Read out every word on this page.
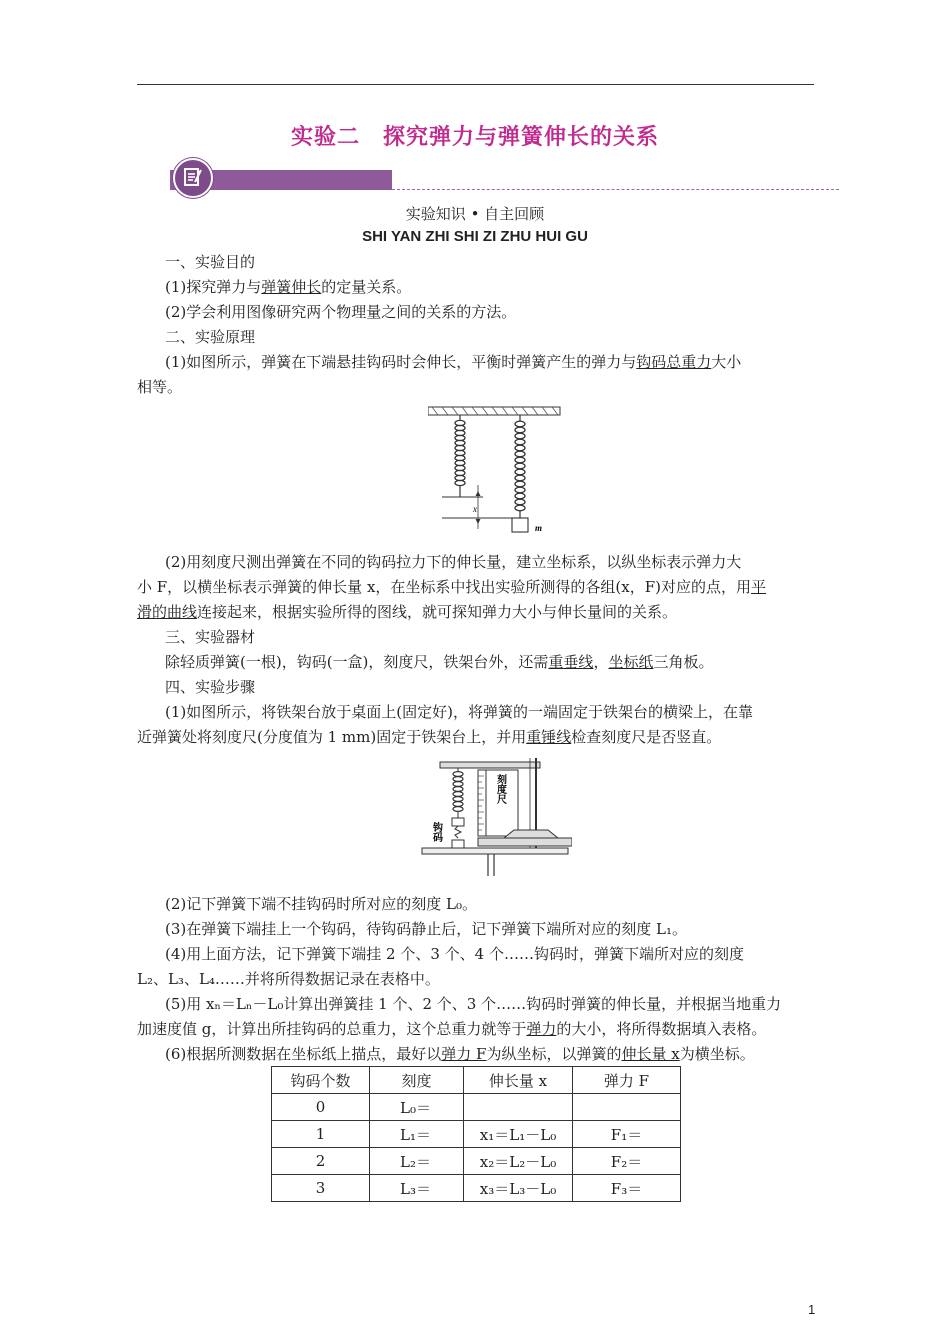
实验二　探究弹力与弹簧伸长的关系
实验知识 • 自主回顾
SHI YAN ZHI SHI ZI ZHU HUI GU

一、实验目的

(1)探究弹力与弹簧伸长的定量关系。

(2)学会利用图像研究两个物理量之间的关系的方法。

二、实验原理

(1)如图所示，弹簧在下端悬挂钩码时会伸长，平衡时弹簧产生的弹力与钩码总重力大小

相等。

(2)用刻度尺测出弹簧在不同的钩码拉力下的伸长量，建立坐标系，以纵坐标表示弹力大

小 F，以横坐标表示弹簧的伸长量 x，在坐标系中找出实验所测得的各组(x，F)对应的点，用平

滑的曲线连接起来，根据实验所得的图线，就可探知弹力大小与伸长量间的关系。

三、实验器材

除轻质弹簧(一根)，钩码(一盒)，刻度尺，铁架台外，还需重垂线，坐标纸三角板。

四、实验步骤

(1)如图所示，将铁架台放于桌面上(固定好)，将弹簧的一端固定于铁架台的横梁上，在靠

近弹簧处将刻度尺(分度值为 1 mm)固定于铁架台上，并用重锤线检查刻度尺是否竖直。

(2)记下弹簧下端不挂钩码时所对应的刻度 L₀。

(3)在弹簧下端挂上一个钩码，待钩码静止后，记下弹簧下端所对应的刻度 L₁。

(4)用上面方法，记下弹簧下端挂 2 个、3 个、4 个……钩码时，弹簧下端所对应的刻度

L₂、L₃、L₄……并将所得数据记录在表格中。

(5)用 xₙ＝Lₙ－L₀计算出弹簧挂 1 个、2 个、3 个……钩码时弹簧的伸长量，并根据当地重力

加速度值 g，计算出所挂钩码的总重力，这个总重力就等于弹力的大小，将所得数据填入表格。

(6)根据所测数据在坐标纸上描点，最好以弹力 F为纵坐标，以弹簧的伸长量 x为横坐标。

x
m
刻度尺
钩码
钩码个数	刻度	伸长量 x	弹力 F
0	L₀＝		
1	L₁＝	x₁＝L₁－L₀	F₁＝
2	L₂＝	x₂＝L₂－L₀	F₂＝
3	L₃＝	x₃＝L₃－L₀	F₃＝
1
